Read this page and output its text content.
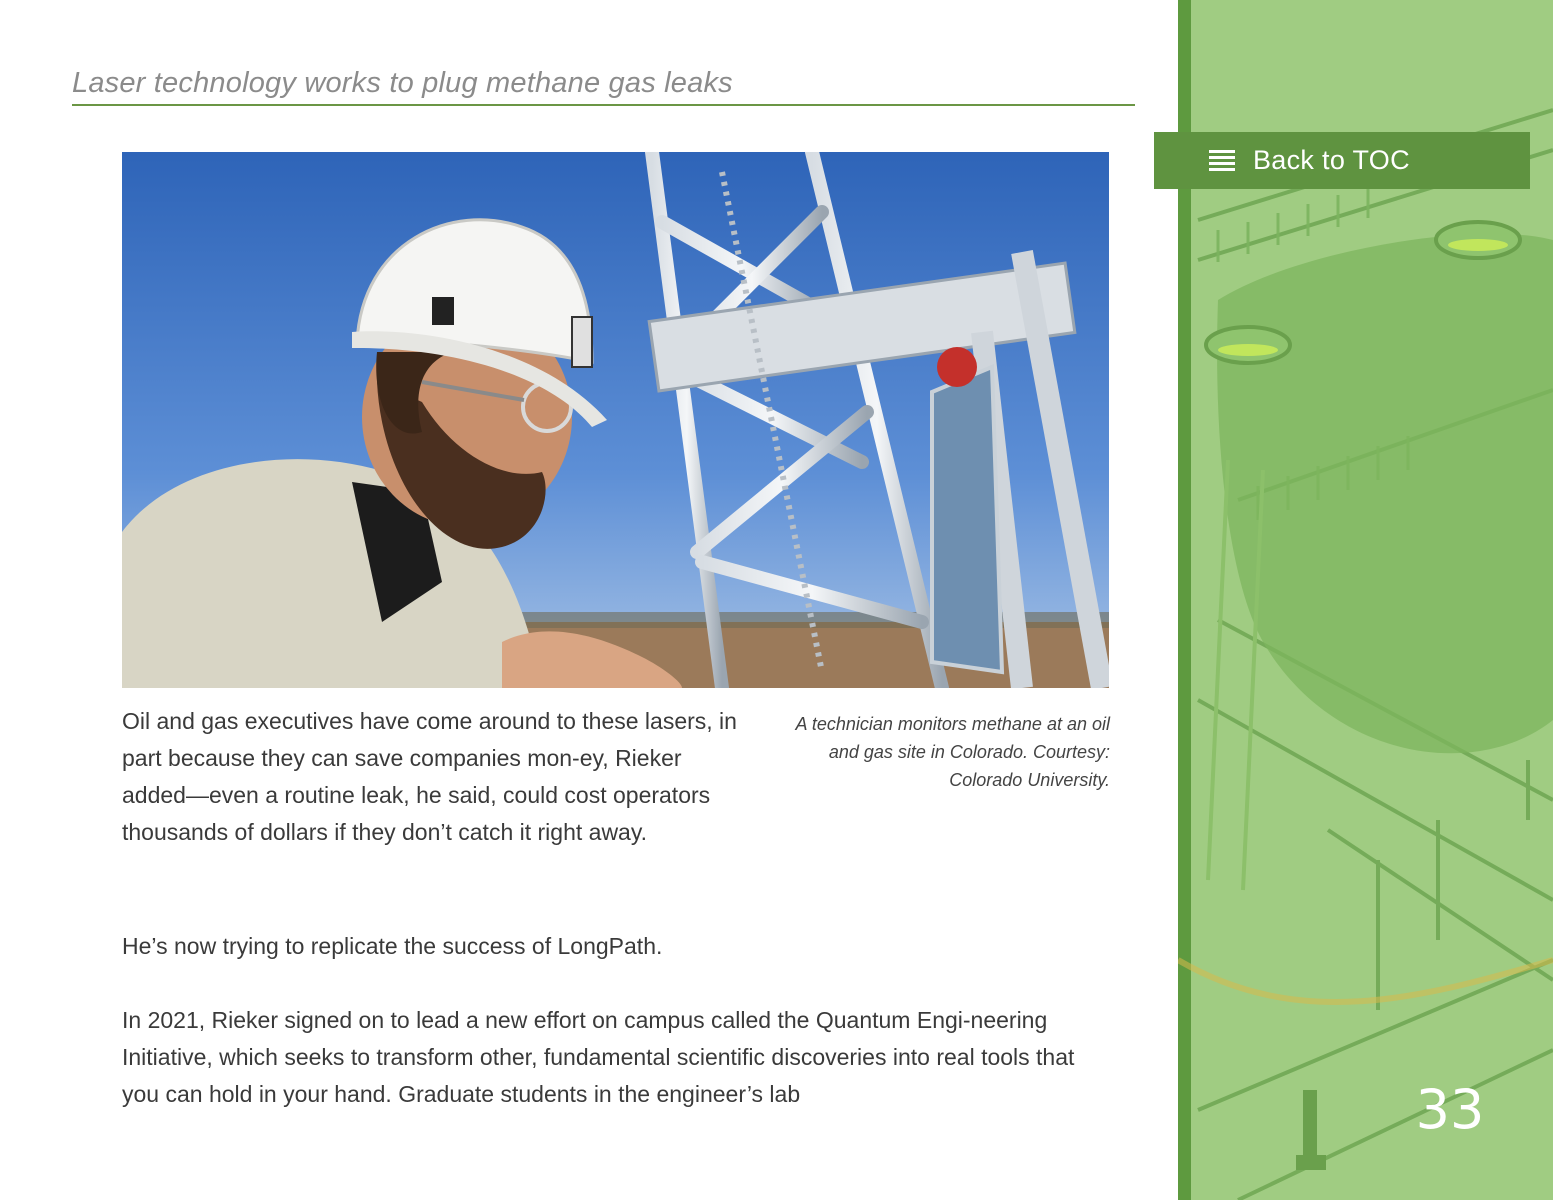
Laser technology works to plug methane gas leaks

Oil and gas executives have come around to these lasers, in part because they can save companies mon-ey, Rieker added—even a routine leak, he said, could cost operators thousands of dollars if they don’t catch it right away.

A technician monitors methane at an oil and gas site in Colorado. Courtesy: Colorado University.

He’s now trying to replicate the success of LongPath.

In 2021, Rieker signed on to lead a new effort on campus called the Quantum Engi-neering Initiative, which seeks to transform other, fundamental scientific discoveries into real tools that you can hold in your hand. Graduate students in the engineer’s lab

Back to TOC
33
